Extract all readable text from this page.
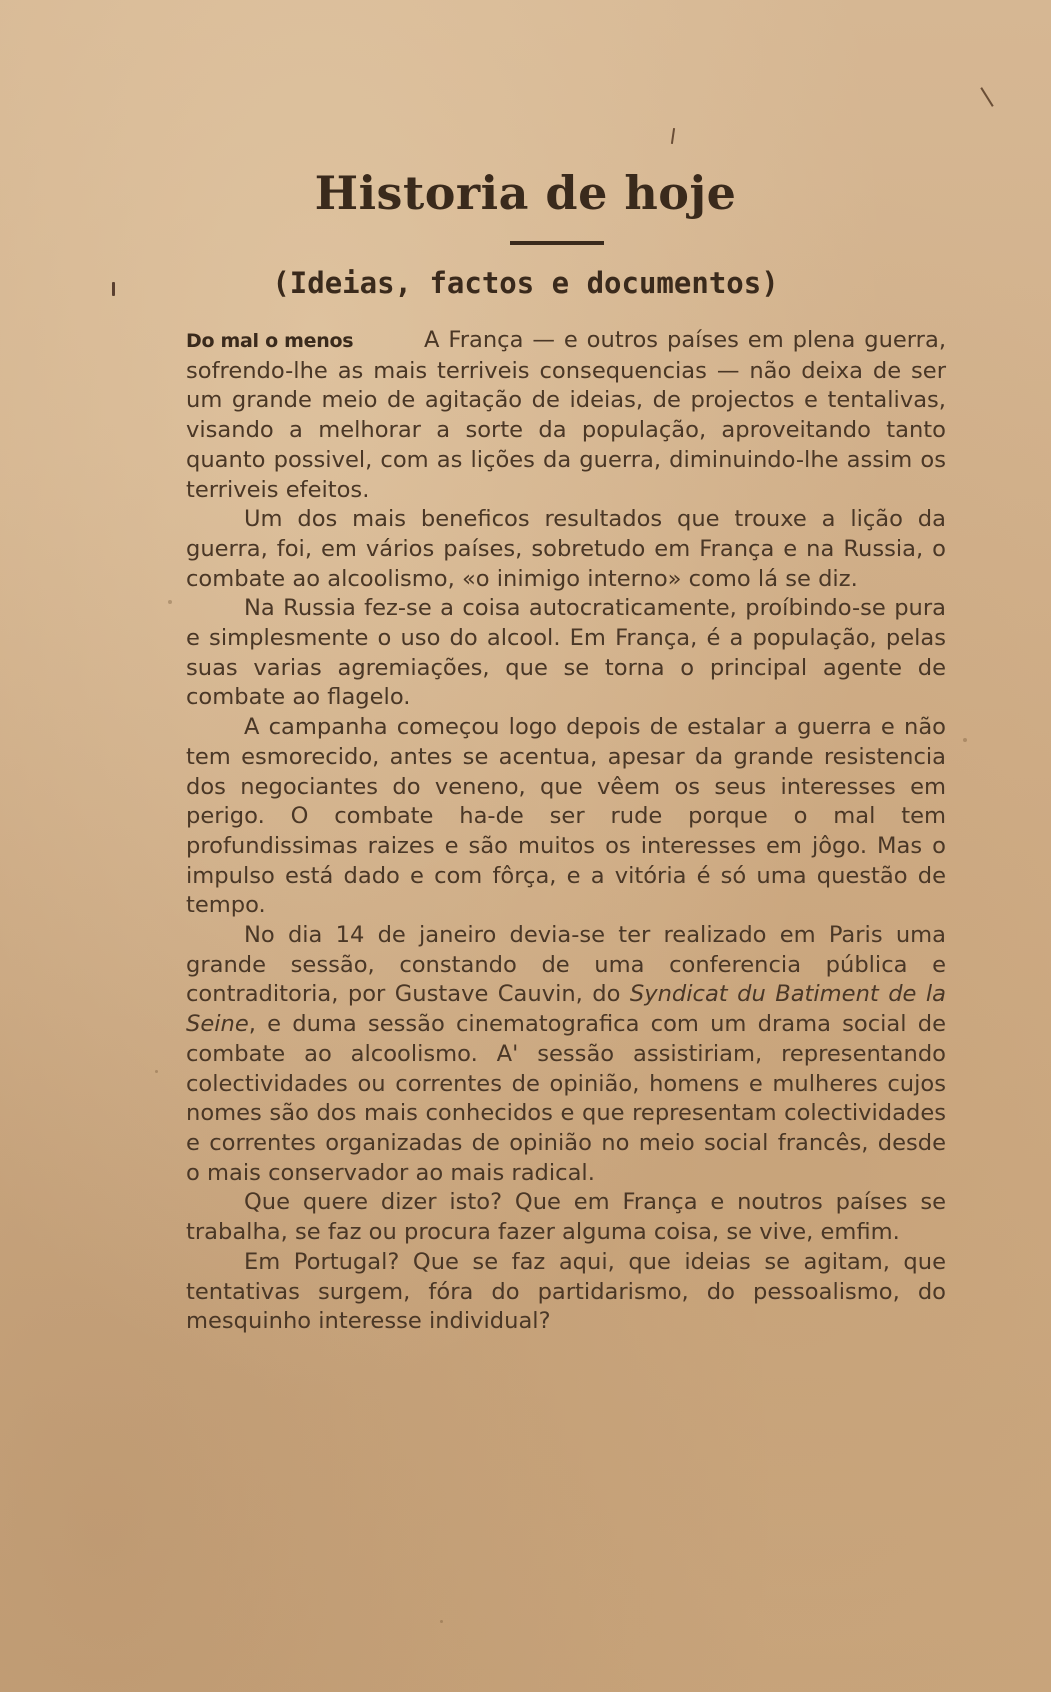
Historia de hoje
(Ideias, factos e documentos)

Do mal o menos	A França — e outros países em plena guerra, sofrendo-lhe as mais terriveis consequencias — não deixa de ser um grande meio de agitação de ideias, de projectos e tentalivas, visando a melhorar a sorte da população, aproveitando tanto quanto possivel, com as lições da guerra, diminuindo-lhe assim os terriveis efeitos.

Um dos mais beneficos resultados que trouxe a lição da guerra, foi, em vários países, sobretudo em França e na Russia, o combate ao alcoolismo, «o inimigo interno» como lá se diz.

Na Russia fez-se a coisa autocraticamente, proíbindo-se pura e simplesmente o uso do alcool. Em França, é a população, pelas suas varias agremiações, que se torna o principal agente de combate ao flagelo.

A campanha começou logo depois de estalar a guerra e não tem esmorecido, antes se acentua, apesar da grande resistencia dos negociantes do veneno, que vêem os seus interesses em perigo. O combate ha-de ser rude porque o mal tem profundissimas raizes e são muitos os interesses em jôgo. Mas o impulso está dado e com fôrça, e a vitória é só uma questão de tempo.

No dia 14 de janeiro devia-se ter realizado em Paris uma grande sessão, constando de uma conferencia pública e contraditoria, por Gustave Cauvin, do Syndicat du Batiment de la Seine, e duma sessão cinematografica com um drama social de combate ao alcoolismo. A' sessão assistiriam, representando colectividades ou correntes de opinião, homens e mulheres cujos nomes são dos mais conhecidos e que representam colectividades e correntes organizadas de opinião no meio social francês, desde o mais conservador ao mais radical.

Que quere dizer isto? Que em França e noutros países se trabalha, se faz ou procura fazer alguma coisa, se vive, emfim.

Em Portugal? Que se faz aqui, que ideias se agitam, que tentativas surgem, fóra do partidarismo, do pessoalismo, do mesquinho interesse individual?
